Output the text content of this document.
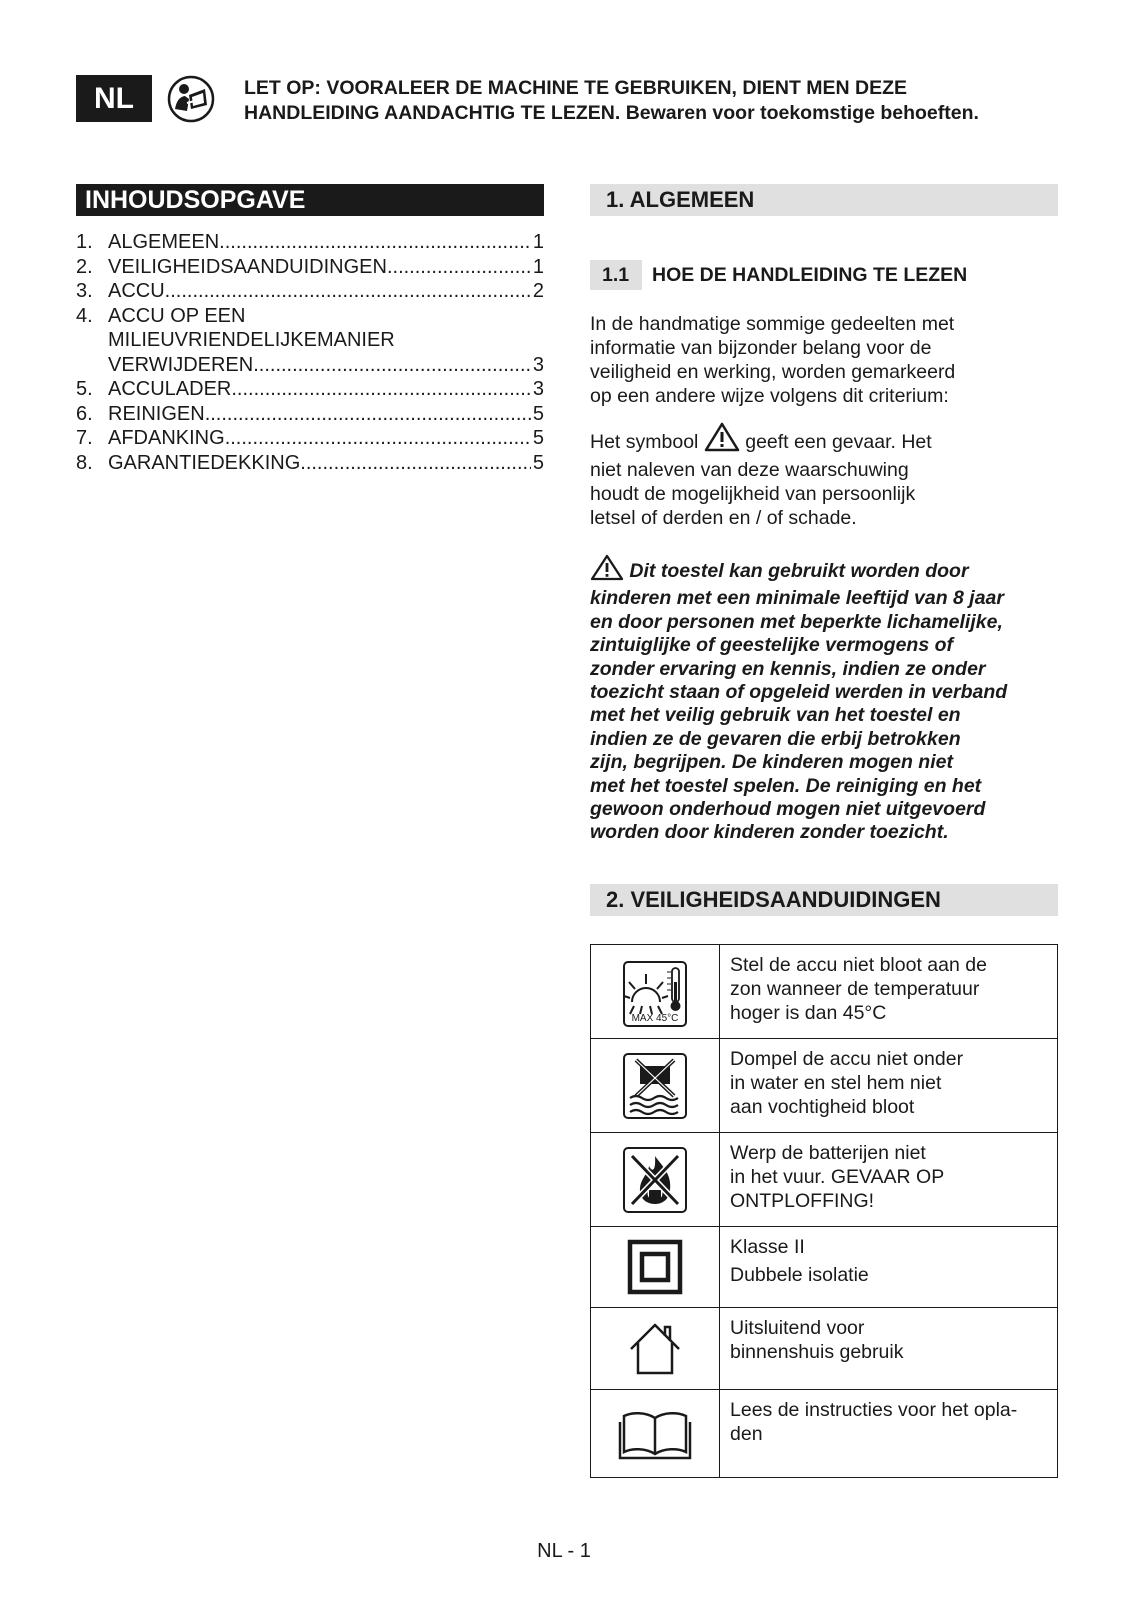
NL	LET OP: VOORALEER DE MACHINE TE GEBRUIKEN, DIENT MEN DEZE
HANDLEIDING AANDACHTIG TE LEZEN. Bewaren voor toekomstige behoeften.
INHOUDSOPGAVE
1. ALGEMEEN .....	1
2. VEILIGHEIDSAANDUIDINGEN .....	1
3. ACCU .....	2
4. ACCU OP EEN
MILIEUVRIENDELIJKEMANIER
VERWIJDEREN .....	3
5. ACCULADER .....	3
6. REINIGEN .....	5
7. AFDANKING .....	5
8. GARANTIEDEKKING .....	5
1. ALGEMEEN
1.1	HOE DE HANDLEIDING TE LEZEN
In de handmatige sommige gedeelten met
informatie van bijzonder belang voor de
veiligheid en werking, worden gemarkeerd
op een andere wijze volgens dit criterium:
Het symbool geeft een gevaar. Het
niet naleven van deze waarschuwing
houdt de mogelijkheid van persoonlijk
letsel of derden en / of schade.
Dit toestel kan gebruikt worden door
kinderen met een minimale leeftijd van 8 jaar
en door personen met beperkte lichamelijke,
zintuiglijke of geestelijke vermogens of
zonder ervaring en kennis, indien ze onder
toezicht staan of opgeleid werden in verband
met het veilig gebruik van het toestel en
indien ze de gevaren die erbij betrokken
zijn, begrijpen. De kinderen mogen niet
met het toestel spelen. De reiniging en het
gewoon onderhoud mogen niet uitgevoerd
worden door kinderen zonder toezicht.
2. VEILIGHEIDSAANDUIDINGEN
MAX 45°C	Stel de accu niet bloot aan de
zon wanneer de temperatuur
hoger is dan 45°C

Dompel de accu niet onder
in water en stel hem niet
aan vochtigheid bloot

Werp de batterijen niet
in het vuur. GEVAAR OP
ONTPLOFFING!

Klasse II
Dubbele isolatie

Uitsluitend voor
binnenshuis gebruik

Lees de instructies voor het opla-
den
NL - 1
